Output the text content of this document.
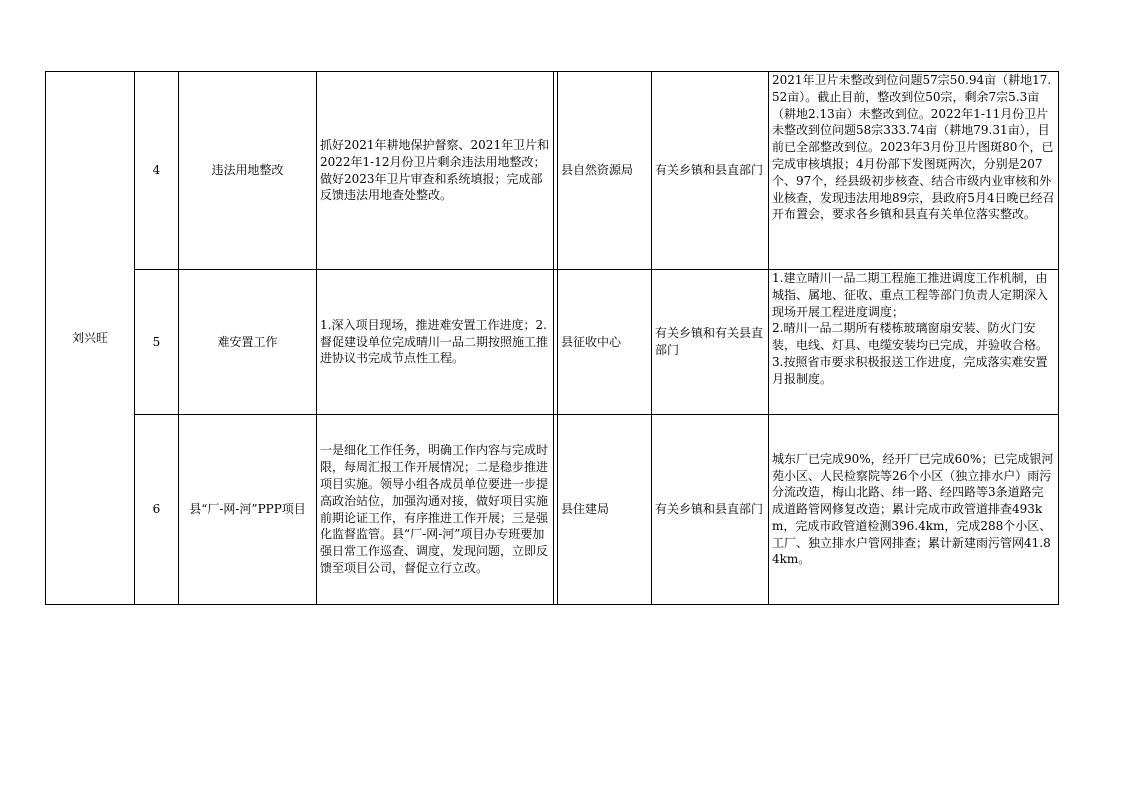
刘兴旺	4	违法用地整改	抓好2021年耕地保护督察、2021年卫片和2022年1-12月份卫片剩余违法用地整改；做好2023年卫片审查和系统填报；完成部反馈违法用地查处整改。		县自然资源局	有关乡镇和县直部门	2021年卫片未整改到位问题57宗50.94亩（耕地17.52亩）。截止目前，整改到位50宗，剩余7宗5.3亩（耕地2.13亩）未整改到位。2022年1-11月份卫片未整改到位问题58宗333.74亩（耕地79.31亩），目前已全部整改到位。2023年3月份卫片图斑80个，已完成审核填报；4月份部下发图斑两次，分别是207个、97个，经县级初步核查、结合市级内业审核和外业核查，发现违法用地89宗，县政府5月4日晚已经召开布置会，要求各乡镇和县直有关单位落实整改。
	5	难安置工作	1.深入项目现场，推进难安置工作进度；2.督促建设单位完成晴川一品二期按照施工推进协议书完成节点性工程。		县征收中心	有关乡镇和有关县直部门	1.建立晴川一品二期工程施工推进调度工作机制，由城指、属地、征收、重点工程等部门负责人定期深入现场开展工程进度调度；
2.晴川一品二期所有楼栋玻璃窗扇安装、防火门安装，电线、灯具、电缆安装均已完成，并验收合格。
3.按照省市要求积极报送工作进度，完成落实难安置月报制度。

	6	县“厂-网-河”PPP项目	一是细化工作任务，明确工作内容与完成时限，每周汇报工作开展情况；二是稳步推进项目实施。领导小组各成员单位要进一步提高政治站位，加强沟通对接，做好项目实施前期论证工作，有序推进工作开展；三是强化监督监管。县“厂-网-河”项目办专班要加强日常工作巡查、调度，发现问题，立即反馈至项目公司，督促立行立改。		县住建局	有关乡镇和县直部门	城东厂已完成90%，经开厂已完成60%；已完成银河苑小区、人民检察院等26个小区（独立排水户）雨污分流改造，梅山北路、纬一路、经四路等3条道路完成道路管网修复改造；累计完成市政管道排查493km，完成市政管道检测396.4km，完成288个小区、工厂、独立排水户管网排查；累计新建雨污管网41.84km。
